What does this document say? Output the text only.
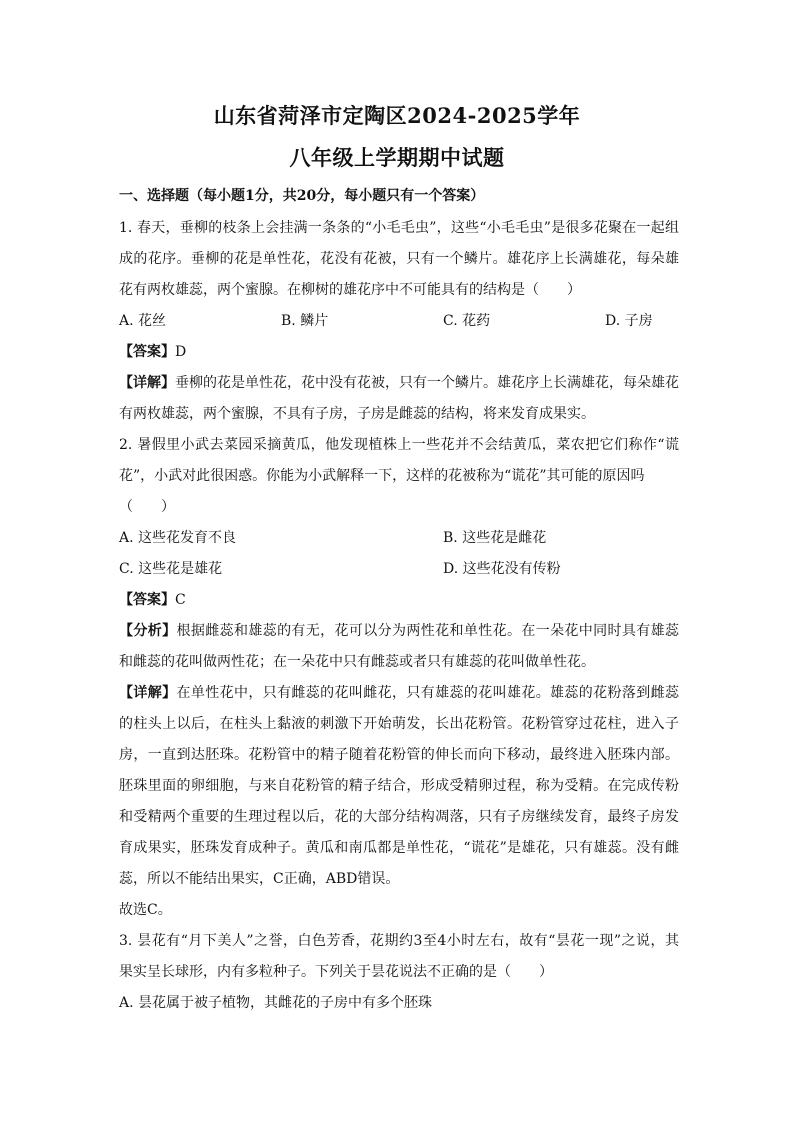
山东省菏泽市定陶区2024-2025学年
八年级上学期期中试题
一、选择题（每小题1分，共20分，每小题只有一个答案）
1. 春天，垂柳的枝条上会挂满一条条的“小毛毛虫”，这些“小毛毛虫”是很多花聚在一起组
成的花序。垂柳的花是单性花，花没有花被，只有一个鳞片。雄花序上长满雄花，每朵雄
花有两枚雄蕊，两个蜜腺。在柳树的雄花序中不可能具有的结构是（　　）
A. 花丝	B. 鳞片	C. 花药	D. 子房
【答案】D
【详解】垂柳的花是单性花，花中没有花被，只有一个鳞片。雄花序上长满雄花，每朵雄花
有两枚雄蕊，两个蜜腺，不具有子房，子房是雌蕊的结构，将来发育成果实。
2. 暑假里小武去菜园采摘黄瓜，他发现植株上一些花并不会结黄瓜，菜农把它们称作“谎
花”，小武对此很困惑。你能为小武解释一下，这样的花被称为“谎花”其可能的原因吗
（　　）
A. 这些花发育不良	B. 这些花是雌花
C. 这些花是雄花	D. 这些花没有传粉
【答案】C
【分析】根据雌蕊和雄蕊的有无，花可以分为两性花和单性花。在一朵花中同时具有雄蕊
和雌蕊的花叫做两性花；在一朵花中只有雌蕊或者只有雄蕊的花叫做单性花。
【详解】在单性花中，只有雌蕊的花叫雌花，只有雄蕊的花叫雄花。雄蕊的花粉落到雌蕊
的柱头上以后，在柱头上黏液的刺激下开始萌发，长出花粉管。花粉管穿过花柱，进入子
房，一直到达胚珠。花粉管中的精子随着花粉管的伸长而向下移动，最终进入胚珠内部。
胚珠里面的卵细胞，与来自花粉管的精子结合，形成受精卵过程，称为受精。在完成传粉
和受精两个重要的生理过程以后，花的大部分结构凋落，只有子房继续发育，最终子房发
育成果实，胚珠发育成种子。黄瓜和南瓜都是单性花，“谎花”是雄花，只有雄蕊。没有雌
蕊，所以不能结出果实，C正确，ABD错误。
故选C。
3. 昙花有“月下美人”之誉，白色芳香，花期约3至4小时左右，故有“昙花一现”之说，其
果实呈长球形，内有多粒种子。下列关于昙花说法不正确的是（　　）
A. 昙花属于被子植物，其雌花的子房中有多个胚珠
